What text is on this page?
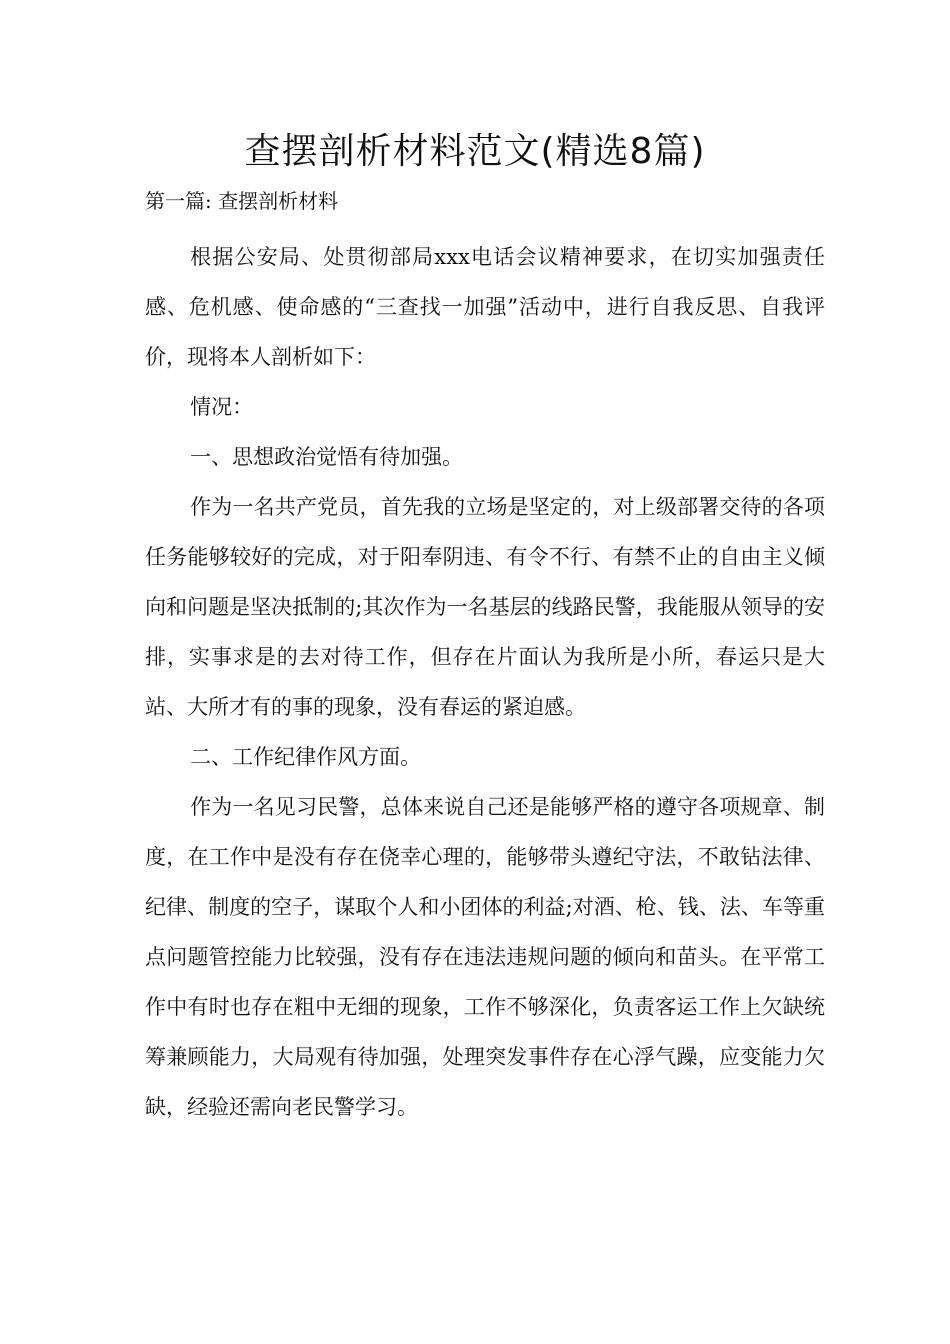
查摆剖析材料范文(精选8篇)

第一篇: 查摆剖析材料

根据公安局、处贯彻部局xxx电话会议精神要求，在切实加强责任感、危机感、使命感的“三查找一加强”活动中，进行自我反思、自我评价，现将本人剖析如下：

情况：

一、思想政治觉悟有待加强。

作为一名共产党员，首先我的立场是坚定的，对上级部署交待的各项任务能够较好的完成，对于阳奉阴违、有令不行、有禁不止的自由主义倾向和问题是坚决抵制的;其次作为一名基层的线路民警，我能服从领导的安排，实事求是的去对待工作，但存在片面认为我所是小所，春运只是大站、大所才有的事的现象，没有春运的紧迫感。

二、工作纪律作风方面。

作为一名见习民警，总体来说自己还是能够严格的遵守各项规章、制度，在工作中是没有存在侥幸心理的，能够带头遵纪守法，不敢钻法律、纪律、制度的空子，谋取个人和小团体的利益;对酒、枪、钱、法、车等重点问题管控能力比较强，没有存在违法违规问题的倾向和苗头。在平常工作中有时也存在粗中无细的现象，工作不够深化，负责客运工作上欠缺统筹兼顾能力，大局观有待加强，处理突发事件存在心浮气躁，应变能力欠缺，经验还需向老民警学习。
